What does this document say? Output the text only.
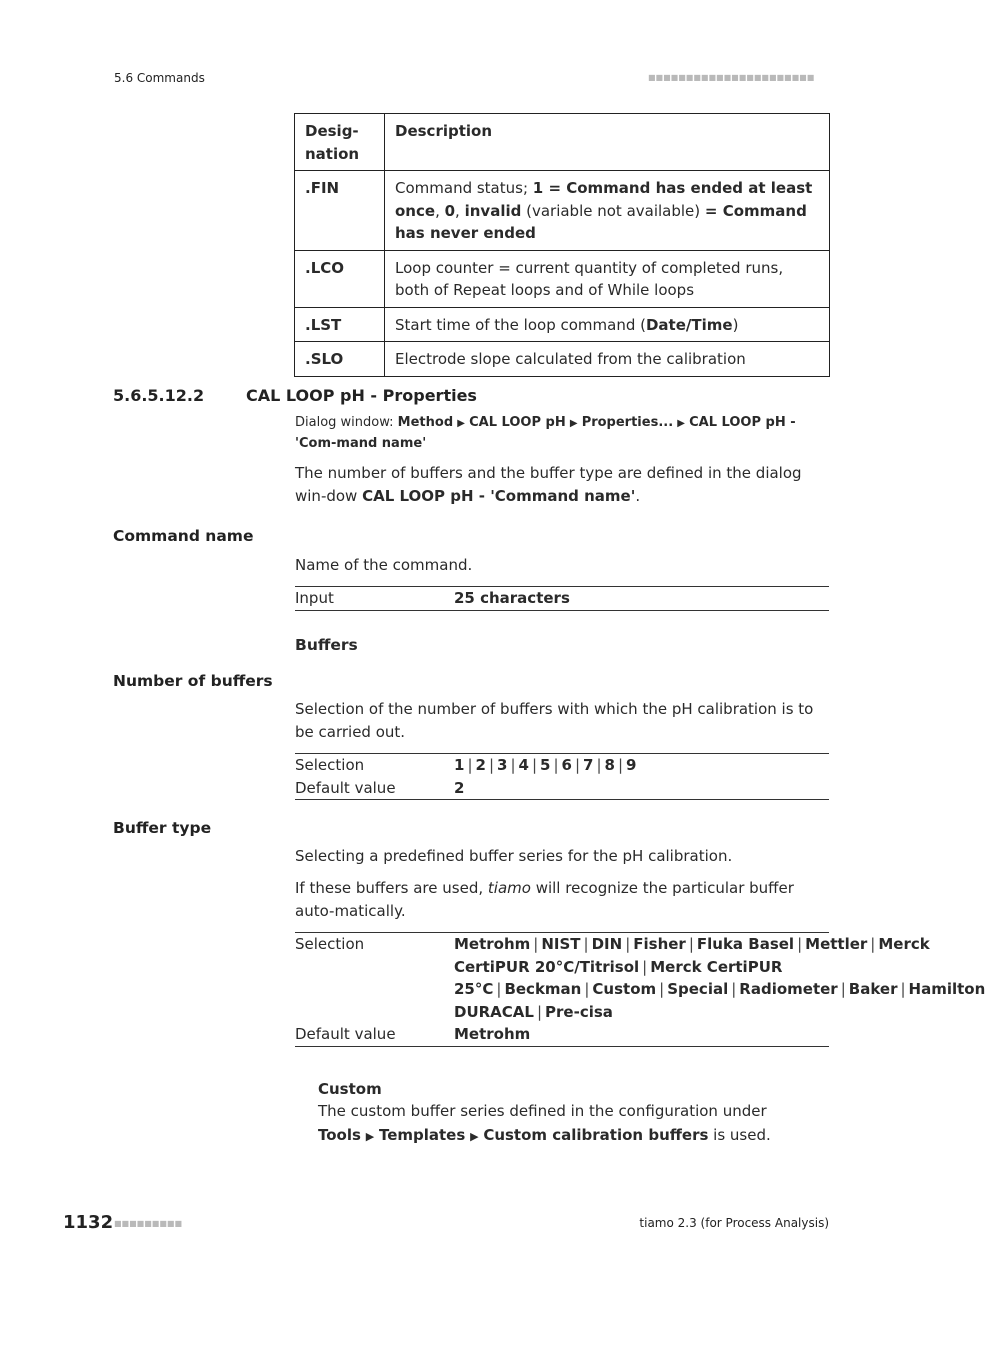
5.6 Commands	■■■■■■■■■■■■■■■■■■■■■■
Desig-
nation	Description
.FIN	Command status; 1 = Command has ended at least once, 0, invalid (variable not available) = Command has never ended
.LCO	Loop counter = current quantity of completed runs, both of Repeat loops and of While loops
.LST	Start time of the loop command (Date/Time)
.SLO	Electrode slope calculated from the calibration
5.6.5.12.2	CAL LOOP pH - Properties
Dialog window: Method ▶ CAL LOOP pH ▶ Properties... ▶ CAL LOOP pH - 'Com-mand name'
The number of buffers and the buffer type are defined in the dialog win-dow CAL LOOP pH - 'Command name'.
Command name
Name of the command.
Input	25 characters
Buffers
Number of buffers
Selection of the number of buffers with which the pH calibration is to be carried out.
Selection	1 | 2 | 3 | 4 | 5 | 6 | 7 | 8 | 9
Default value	2
Buffer type
Selecting a predefined buffer series for the pH calibration.
If these buffers are used, tiamo will recognize the particular buffer auto-matically.
Selection	Metrohm | NIST | DIN | Fisher | Fluka Basel | Mettler | Merck CertiPUR 20°C/Titrisol | Merck CertiPUR 25°C | Beckman | Custom | Special | Radiometer | Baker | Hamilton DURACAL | Pre-cisa
Default value	Metrohm
Custom
The custom buffer series defined in the configuration under
Tools ▶ Templates ▶ Custom calibration buffers is used.
1132 ■■■■■■■■■	tiamo 2.3 (for Process Analysis)
